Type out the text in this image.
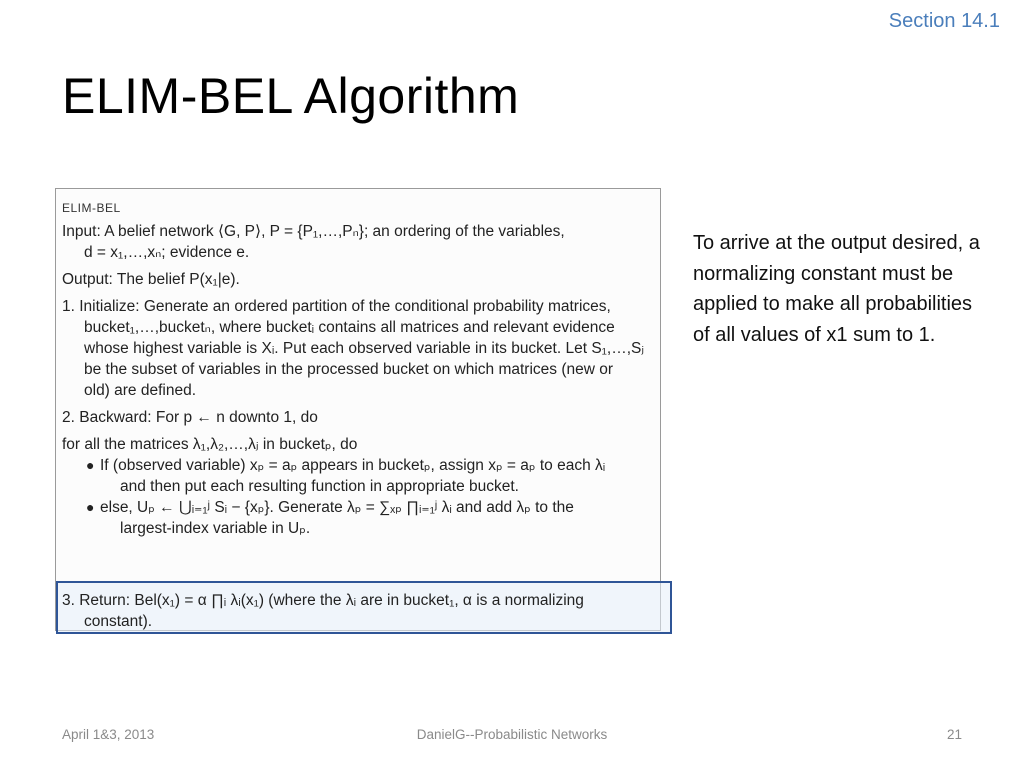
Section 14.1
ELIM-BEL Algorithm
ELIM-BEL
Input: A belief network ⟨G, P⟩, P = {P₁,…,Pₙ}; an ordering of the variables,
d = x₁,…,xₙ; evidence e.
Output: The belief P(x₁|e).
1. Initialize: Generate an ordered partition of the conditional probability matrices,
bucket₁,…,bucketₙ, where bucketᵢ contains all matrices and relevant evidence
whose highest variable is Xᵢ. Put each observed variable in its bucket. Let S₁,…,Sⱼ
be the subset of variables in the processed bucket on which matrices (new or
old) are defined.
2. Backward: For p ← n downto 1, do
for all the matrices λ₁,λ₂,…,λⱼ in bucketₚ, do
● If (observed variable) xₚ = aₚ appears in bucketₚ, assign xₚ = aₚ to each λᵢ
and then put each resulting function in appropriate bucket.
● else, Uₚ ← ⋃ᵢ₌₁ʲ Sᵢ − {xₚ}. Generate λₚ = ∑ₓₚ ∏ᵢ₌₁ʲ λᵢ and add λₚ to the
largest-index variable in Uₚ.
3. Return: Bel(x₁) = α ∏ᵢ λᵢ(x₁) (where the λᵢ are in bucket₁, α is a normalizing
constant).
To arrive at the output desired, a normalizing constant must be applied to make all probabilities of all values of x1 sum to 1.
April 1&3, 2013	DanielG--Probabilistic Networks	21
